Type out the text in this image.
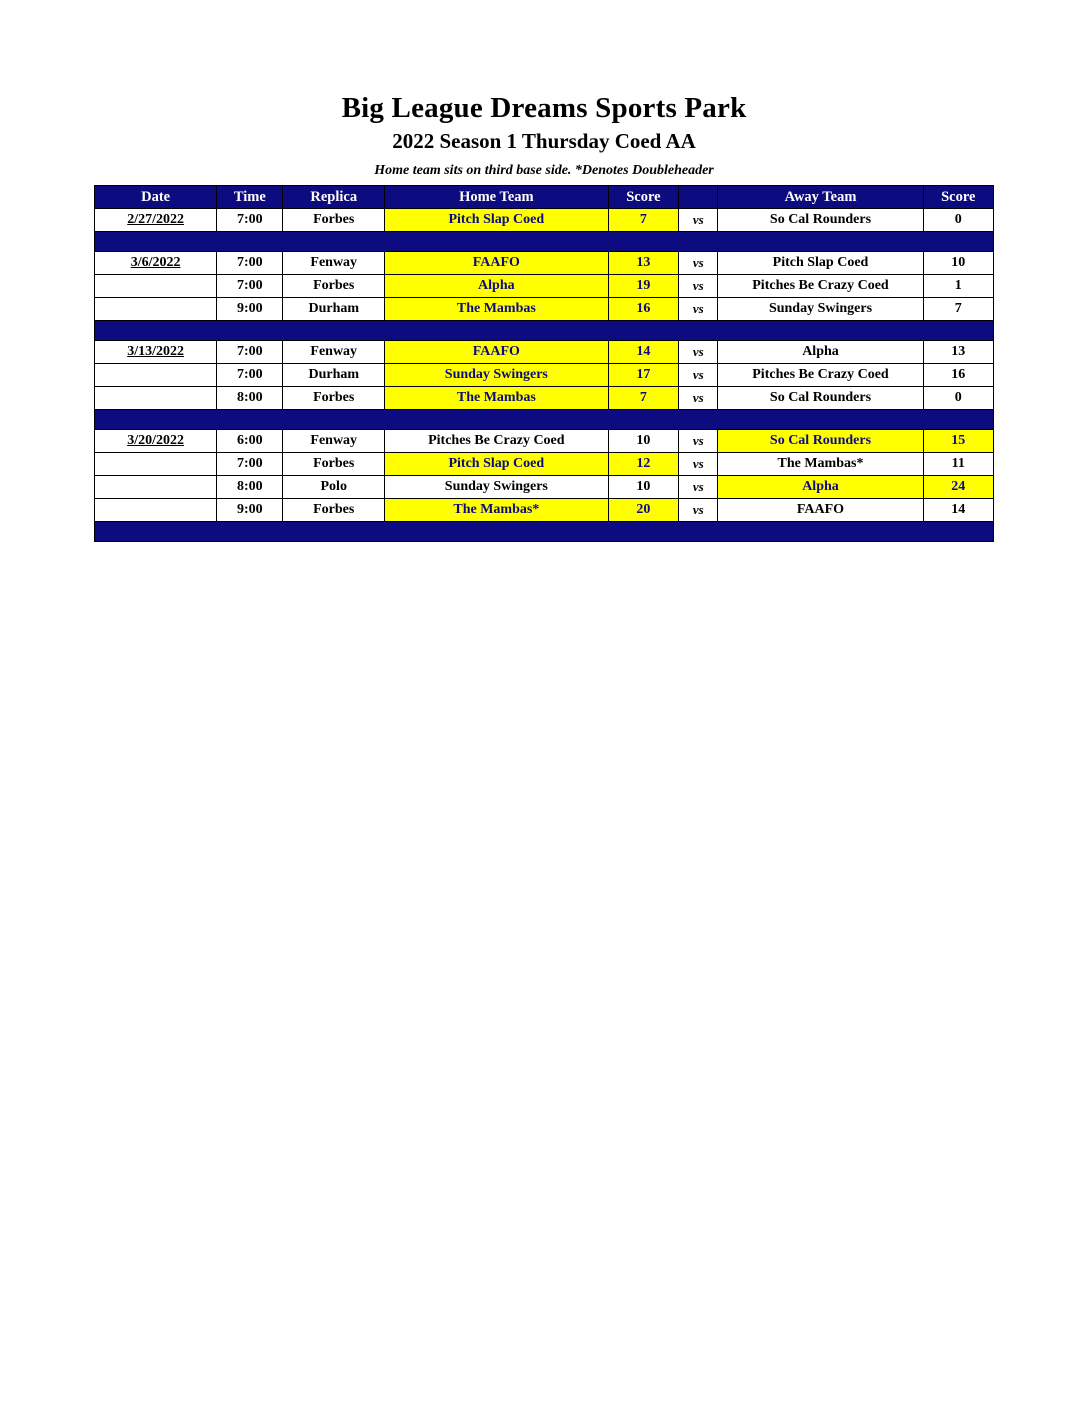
Big League Dreams Sports Park
2022 Season 1 Thursday Coed AA

Home team sits on third base side. *Denotes Doubleheader

Date	Time	Replica	Home Team	Score		Away Team	Score
2/27/2022	7:00	Forbes	Pitch Slap Coed	7	vs	So Cal Rounders	0

3/6/2022	7:00	Fenway	FAAFO	13	vs	Pitch Slap Coed	10
	7:00	Forbes	Alpha	19	vs	Pitches Be Crazy Coed	1
	9:00	Durham	The Mambas	16	vs	Sunday Swingers	7

3/13/2022	7:00	Fenway	FAAFO	14	vs	Alpha	13
	7:00	Durham	Sunday Swingers	17	vs	Pitches Be Crazy Coed	16
	8:00	Forbes	The Mambas	7	vs	So Cal Rounders	0

3/20/2022	6:00	Fenway	Pitches Be Crazy Coed	10	vs	So Cal Rounders	15
	7:00	Forbes	Pitch Slap Coed	12	vs	The Mambas*	11
	8:00	Polo	Sunday Swingers	10	vs	Alpha	24
	9:00	Forbes	The Mambas*	20	vs	FAAFO	14
